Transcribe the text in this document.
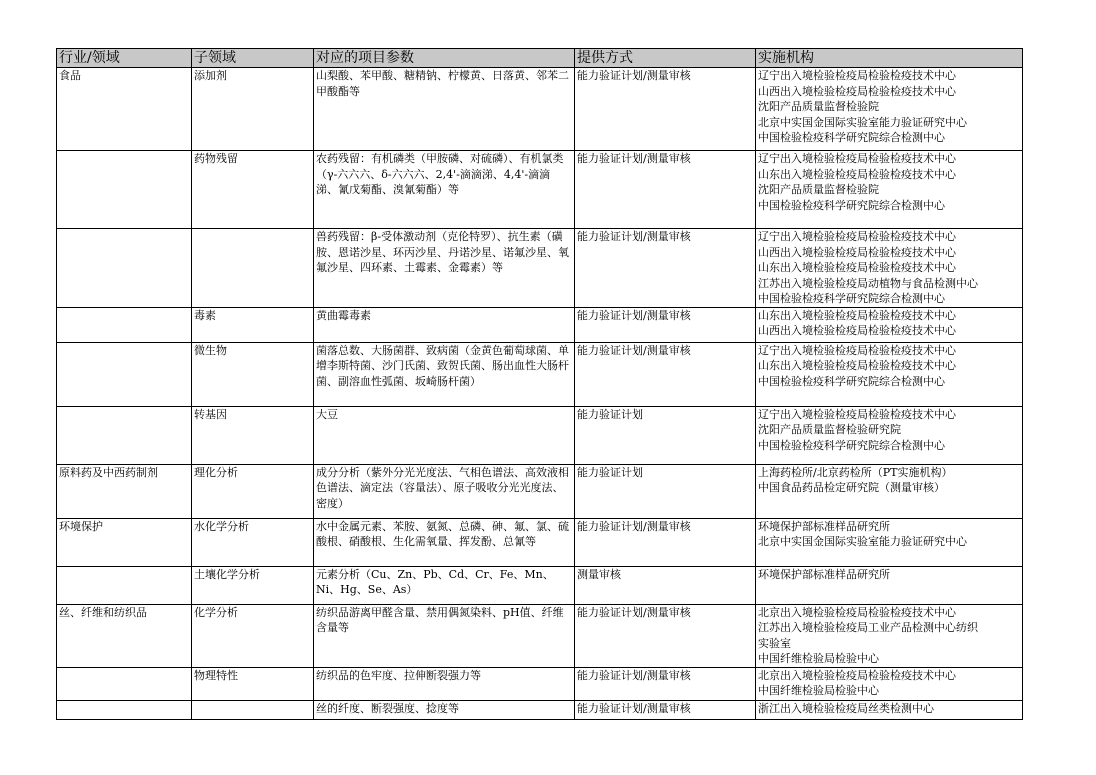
行业/领域	子领域	对应的项目参数	提供方式	实施机构
食品	添加剂	山梨酸、苯甲酸、糖精钠、柠檬黄、日落黄、邻苯二甲酸酯等	能力验证计划/测量审核	辽宁出入境检验检疫局检验检疫技术中心
山西出入境检验检疫局检验检疫技术中心
沈阳产品质量监督检验院
北京中实国金国际实验室能力验证研究中心
中国检验检疫科学研究院综合检测中心

	药物残留	农药残留：有机磷类（甲胺磷、对硫磷）、有机氯类（γ-六六六、δ-六六六、2,4'-滴滴涕、4,4'-滴滴涕、氰戊菊酯、溴氰菊酯）等	能力验证计划/测量审核	辽宁出入境检验检疫局检验检疫技术中心
山东出入境检验检疫局检验检疫技术中心
沈阳产品质量监督检验院
中国检验检疫科学研究院综合检测中心

		兽药残留：β-受体激动剂（克伦特罗）、抗生素（磺胺、恩诺沙星、环丙沙星、丹诺沙星、诺氟沙星、氧氟沙星、四环素、土霉素、金霉素）等	能力验证计划/测量审核	辽宁出入境检验检疫局检验检疫技术中心
山西出入境检验检疫局检验检疫技术中心
山东出入境检验检疫局检验检疫技术中心
江苏出入境检验检疫局动植物与食品检测中心
中国检验检疫科学研究院综合检测中心

	毒素	黄曲霉毒素	能力验证计划/测量审核	山东出入境检验检疫局检验检疫技术中心
山西出入境检验检疫局检验检疫技术中心

	微生物	菌落总数、大肠菌群、致病菌（金黄色葡萄球菌、单增李斯特菌、沙门氏菌、致贺氏菌、肠出血性大肠杆菌、副溶血性弧菌、坂崎肠杆菌）	能力验证计划/测量审核	辽宁出入境检验检疫局检验检疫技术中心
山东出入境检验检疫局检验检疫技术中心
中国检验检疫科学研究院综合检测中心

	转基因	大豆	能力验证计划	辽宁出入境检验检疫局检验检疫技术中心
沈阳产品质量监督检验研究院
中国检验检疫科学研究院综合检测中心

原料药及中西药制剂	理化分析	成分分析（紫外分光光度法、气相色谱法、高效液相色谱法、滴定法（容量法）、原子吸收分光光度法、密度）	能力验证计划	上海药检所/北京药检所（PT实施机构）
中国食品药品检定研究院（测量审核）

环境保护	水化学分析	水中金属元素、苯胺、氨氮、总磷、砷、氟、氯、硫酸根、硝酸根、生化需氧量、挥发酚、总氰等	能力验证计划/测量审核	环境保护部标准样品研究所
北京中实国金国际实验室能力验证研究中心

	土壤化学分析	元素分析（Cu、Zn、Pb、Cd、Cr、Fe、Mn、Ni、Hg、Se、As）	测量审核	环境保护部标准样品研究所

丝、纤维和纺织品	化学分析	纺织品游离甲醛含量、禁用偶氮染料、pH值、纤维含量等	能力验证计划/测量审核	北京出入境检验检疫局检验检疫技术中心
江苏出入境检验检疫局工业产品检测中心纺织
实验室
中国纤维检验局检验中心

	物理特性	纺织品的色牢度、拉伸断裂强力等	能力验证计划/测量审核	北京出入境检验检疫局检验检疫技术中心
中国纤维检验局检验中心

		丝的纤度、断裂强度、捻度等	能力验证计划/测量审核	浙江出入境检验检疫局丝类检测中心
